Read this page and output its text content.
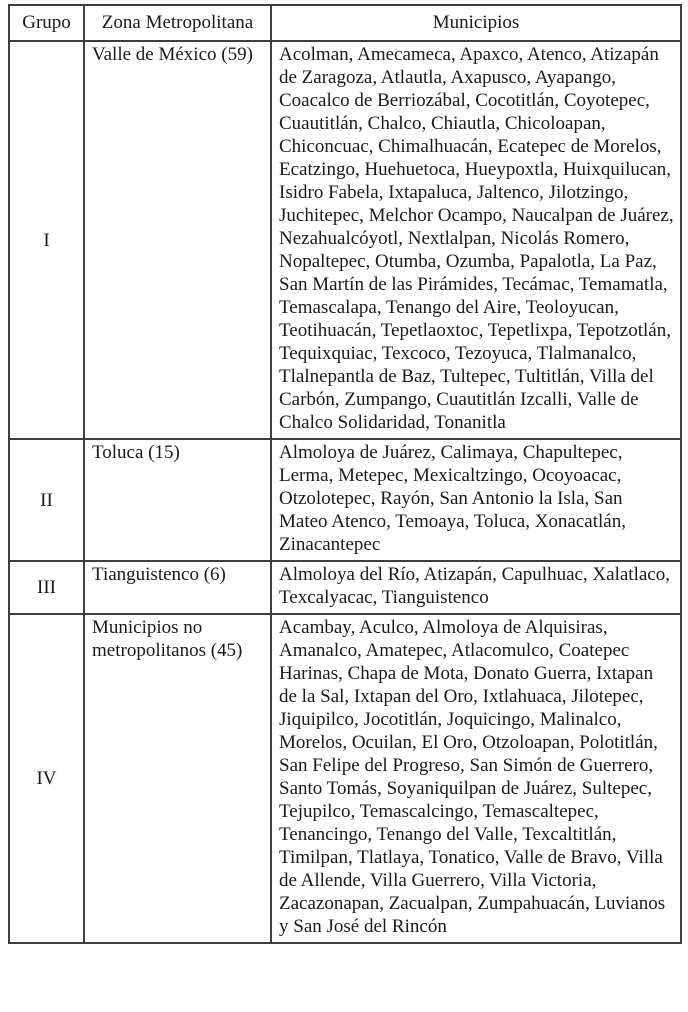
Grupo	Zona Metropolitana	Municipios
I	Valle de México (59)	Acolman, Amecameca, Apaxco, Atenco, Atizapán de Zaragoza, Atlautla, Axapusco, Ayapango, Coacalco de Berriozábal, Cocotitlán, Coyotepec, Cuautitlán, Chalco, Chiautla, Chicoloapan, Chiconcuac, Chimalhuacán, Ecatepec de Morelos, Ecatzingo, Huehuetoca, Hueypoxtla, Huixquilucan, Isidro Fabela, Ixtapaluca, Jaltenco, Jilotzingo, Juchitepec, Melchor Ocampo, Naucalpan de Juárez, Nezahualcóyotl, Nextlalpan, Nicolás Romero, Nopaltepec, Otumba, Ozumba, Papalotla, La Paz, San Martín de las Pirámides, Tecámac, Temamatla, Temascalapa, Tenango del Aire, Teoloyucan, Teotihuacán, Tepetlaoxtoc, Tepetlixpa, Tepotzotlán, Tequixquiac, Texcoco, Tezoyuca, Tlalmanalco, Tlalnepantla de Baz, Tultepec, Tultitlán, Villa del Carbón, Zumpango, Cuautitlán Izcalli, Valle de Chalco Solidaridad, Tonanitla
II	Toluca (15)	Almoloya de Juárez, Calimaya, Chapultepec, Lerma, Metepec, Mexicaltzingo, Ocoyoacac, Otzolotepec, Rayón, San Antonio la Isla, San Mateo Atenco, Temoaya, Toluca, Xonacatlán, Zinacantepec
III	Tianguistenco (6)	Almoloya del Río, Atizapán, Capulhuac, Xalatlaco, Texcalyacac, Tianguistenco
IV	Municipios no metropolitanos (45)	Acambay, Aculco, Almoloya de Alquisiras, Amanalco, Amatepec, Atlacomulco, Coatepec Harinas, Chapa de Mota, Donato Guerra, Ixtapan de la Sal, Ixtapan del Oro, Ixtlahuaca, Jilotepec, Jiquipilco, Jocotitlán, Joquicingo, Malinalco, Morelos, Ocuilan, El Oro, Otzoloapan, Polotitlán, San Felipe del Progreso, San Simón de Guerrero, Santo Tomás, Soyaniquilpan de Juárez, Sultepec, Tejupilco, Temascalcingo, Temascaltepec, Tenancingo, Tenango del Valle, Texcaltitlán, Timilpan, Tlatlaya, Tonatico, Valle de Bravo, Villa de Allende, Villa Guerrero, Villa Victoria, Zacazonapan, Zacualpan, Zumpahuacán, Luvianos y San José del Rincón
